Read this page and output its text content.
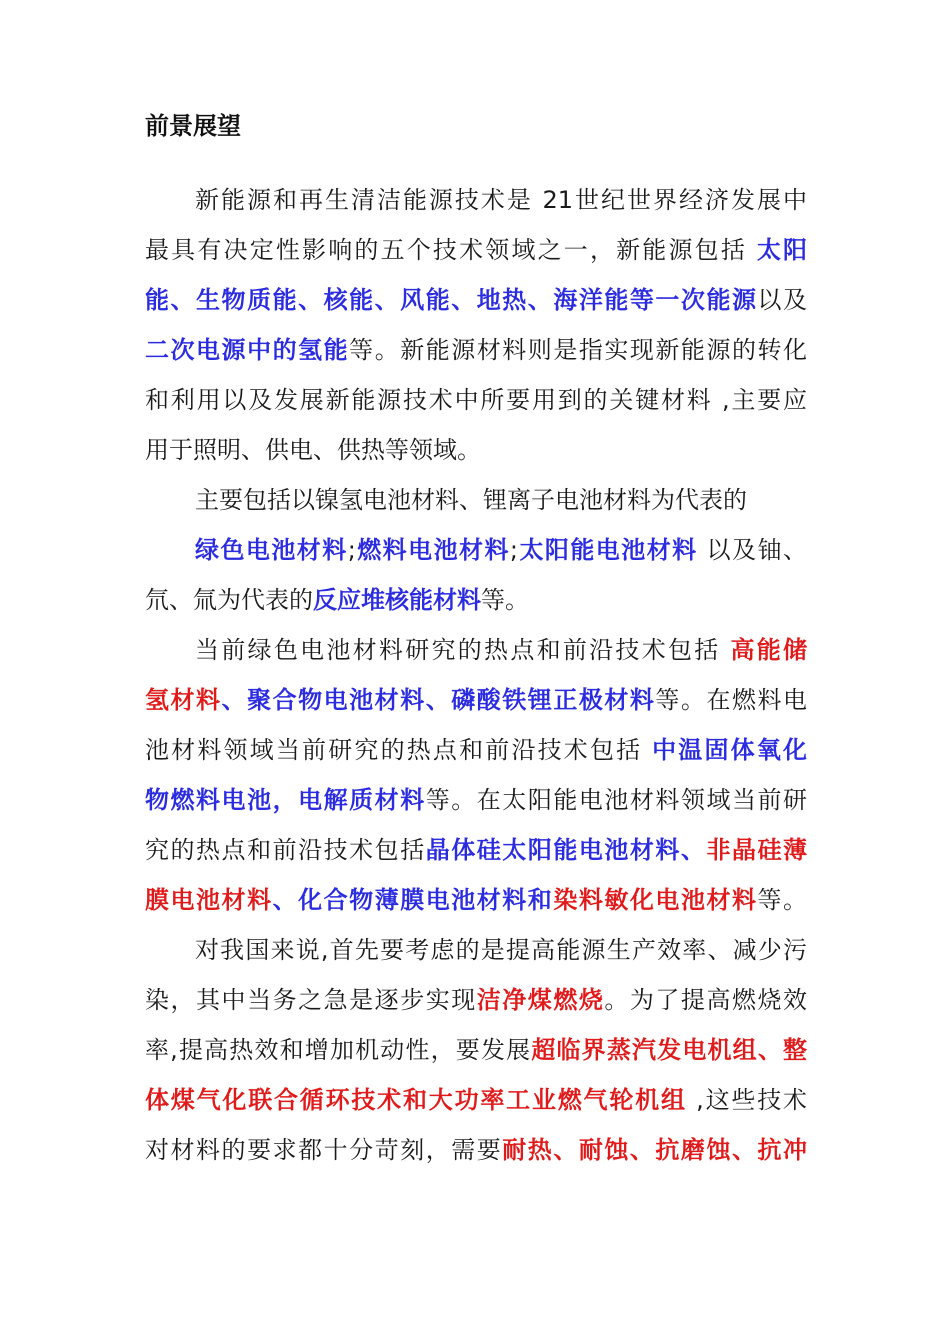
前景展望
新能源和再生清洁能源技术是 21世纪世界经济发展中
最具有决定性影响的五个技术领域之一，新能源包括 太阳
能、生物质能、核能、风能、地热、海洋能等一次能源以及
二次电源中的氢能等。新能源材料则是指实现新能源的转化
和利用以及发展新能源技术中所要用到的关键材料 ,主要应
用于照明、供电、供热等领域。
主要包括以镍氢电池材料、锂离子电池材料为代表的
绿色电池材料;燃料电池材料;太阳能电池材料 以及铀、
氘、氚为代表的反应堆核能材料等。
当前绿色电池材料研究的热点和前沿技术包括 高能储
氢材料、聚合物电池材料、磷酸铁锂正极材料等。在燃料电
池材料领域当前研究的热点和前沿技术包括 中温固体氧化
物燃料电池，电解质材料等。在太阳能电池材料领域当前研
究的热点和前沿技术包括晶体硅太阳能电池材料、非晶硅薄
膜电池材料、化合物薄膜电池材料和染料敏化电池材料等。
对我国来说,首先要考虑的是提高能源生产效率、减少污
染，其中当务之急是逐步实现洁净煤燃烧。为了提高燃烧效
率,提高热效和增加机动性，要发展超临界蒸汽发电机组、整
体煤气化联合循环技术和大功率工业燃气轮机组 ,这些技术
对材料的要求都十分苛刻，需要耐热、耐蚀、抗磨蚀、抗冲
